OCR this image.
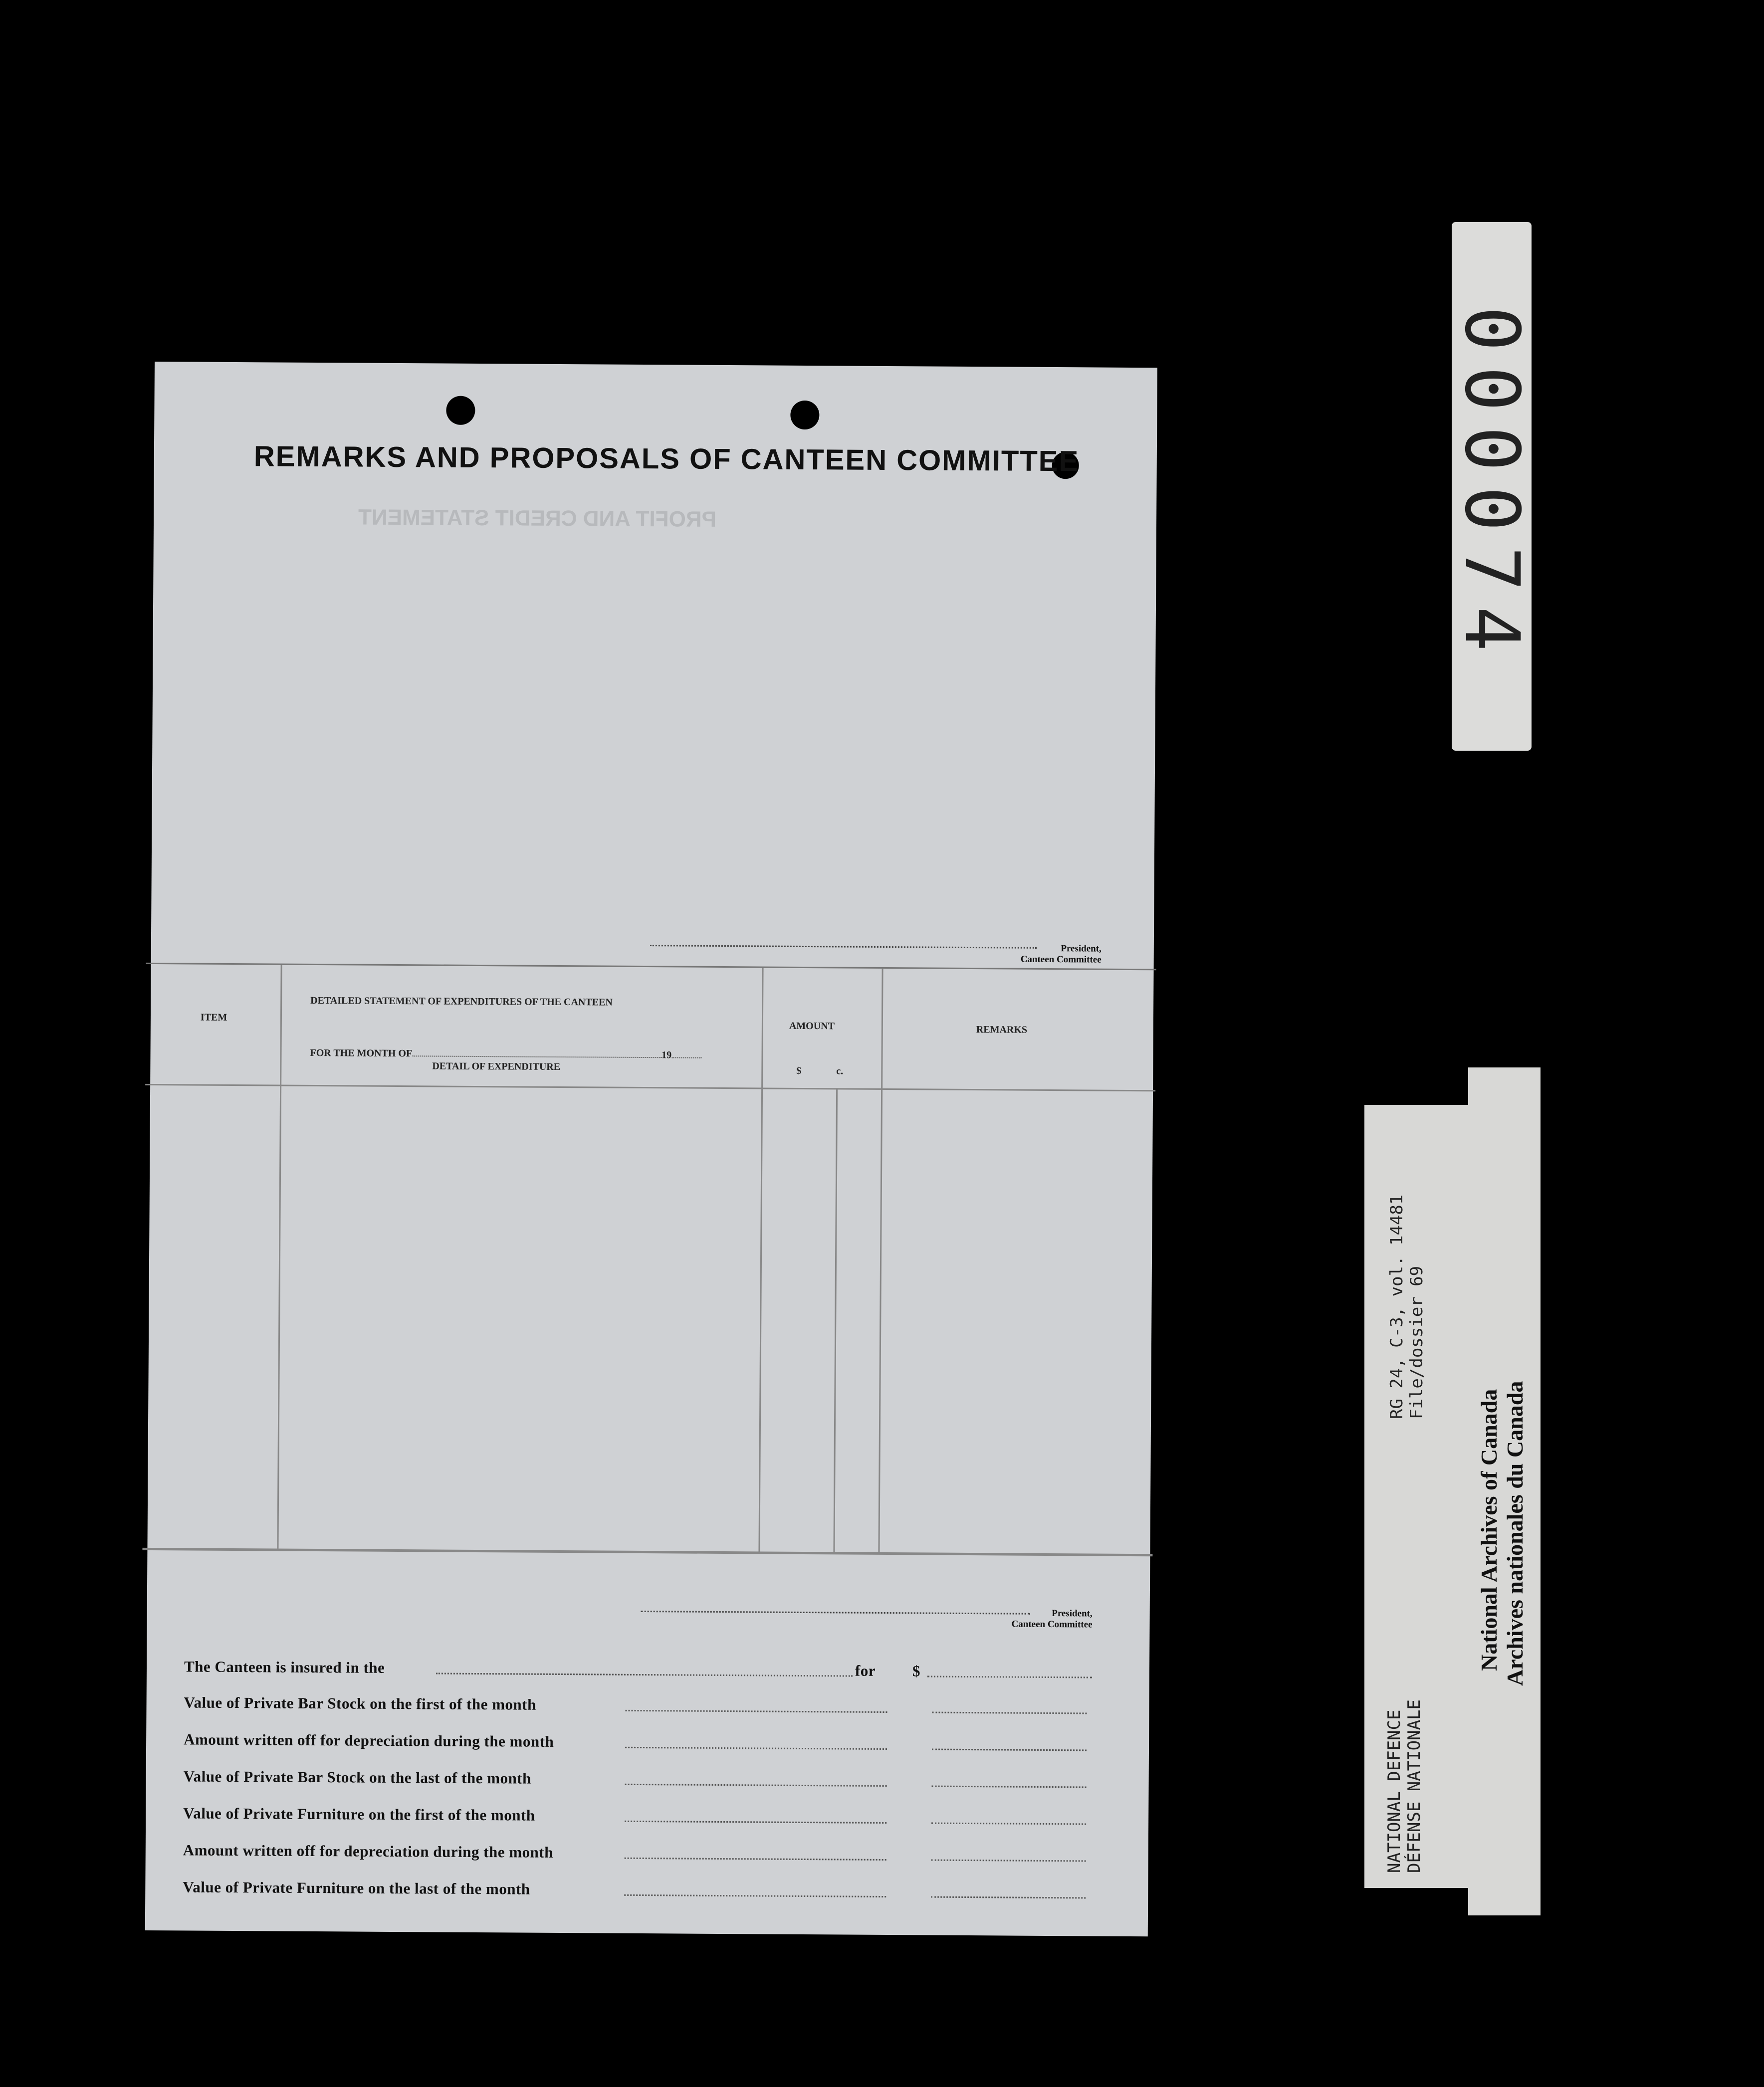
PROFIT AND CREDIT STATEMENT
REMARKS AND PROPOSALS OF CANTEEN COMMITTEE
President,
Canteen Committee
ITEM
DETAILED STATEMENT OF EXPENDITURES OF THE CANTEEN
FOR THE MONTH OF	19
DETAIL OF EXPENDITURE
AMOUNT
$	c.
REMARKS
President,
Canteen Committee
The Canteen is insured in the	for $
Value of Private Bar Stock on the first of the month
Amount written off for depreciation during the month
Value of Private Bar Stock on the last of the month
Value of Private Furniture on the first of the month
Amount written off for depreciation during the month
Value of Private Furniture on the last of the month
000074
RG 24, C-3, vol. 14481 File/dossier 69
NATIONAL DEFENCE DÉFENSE NATIONALE
National Archives of Canada Archives nationales du Canada
